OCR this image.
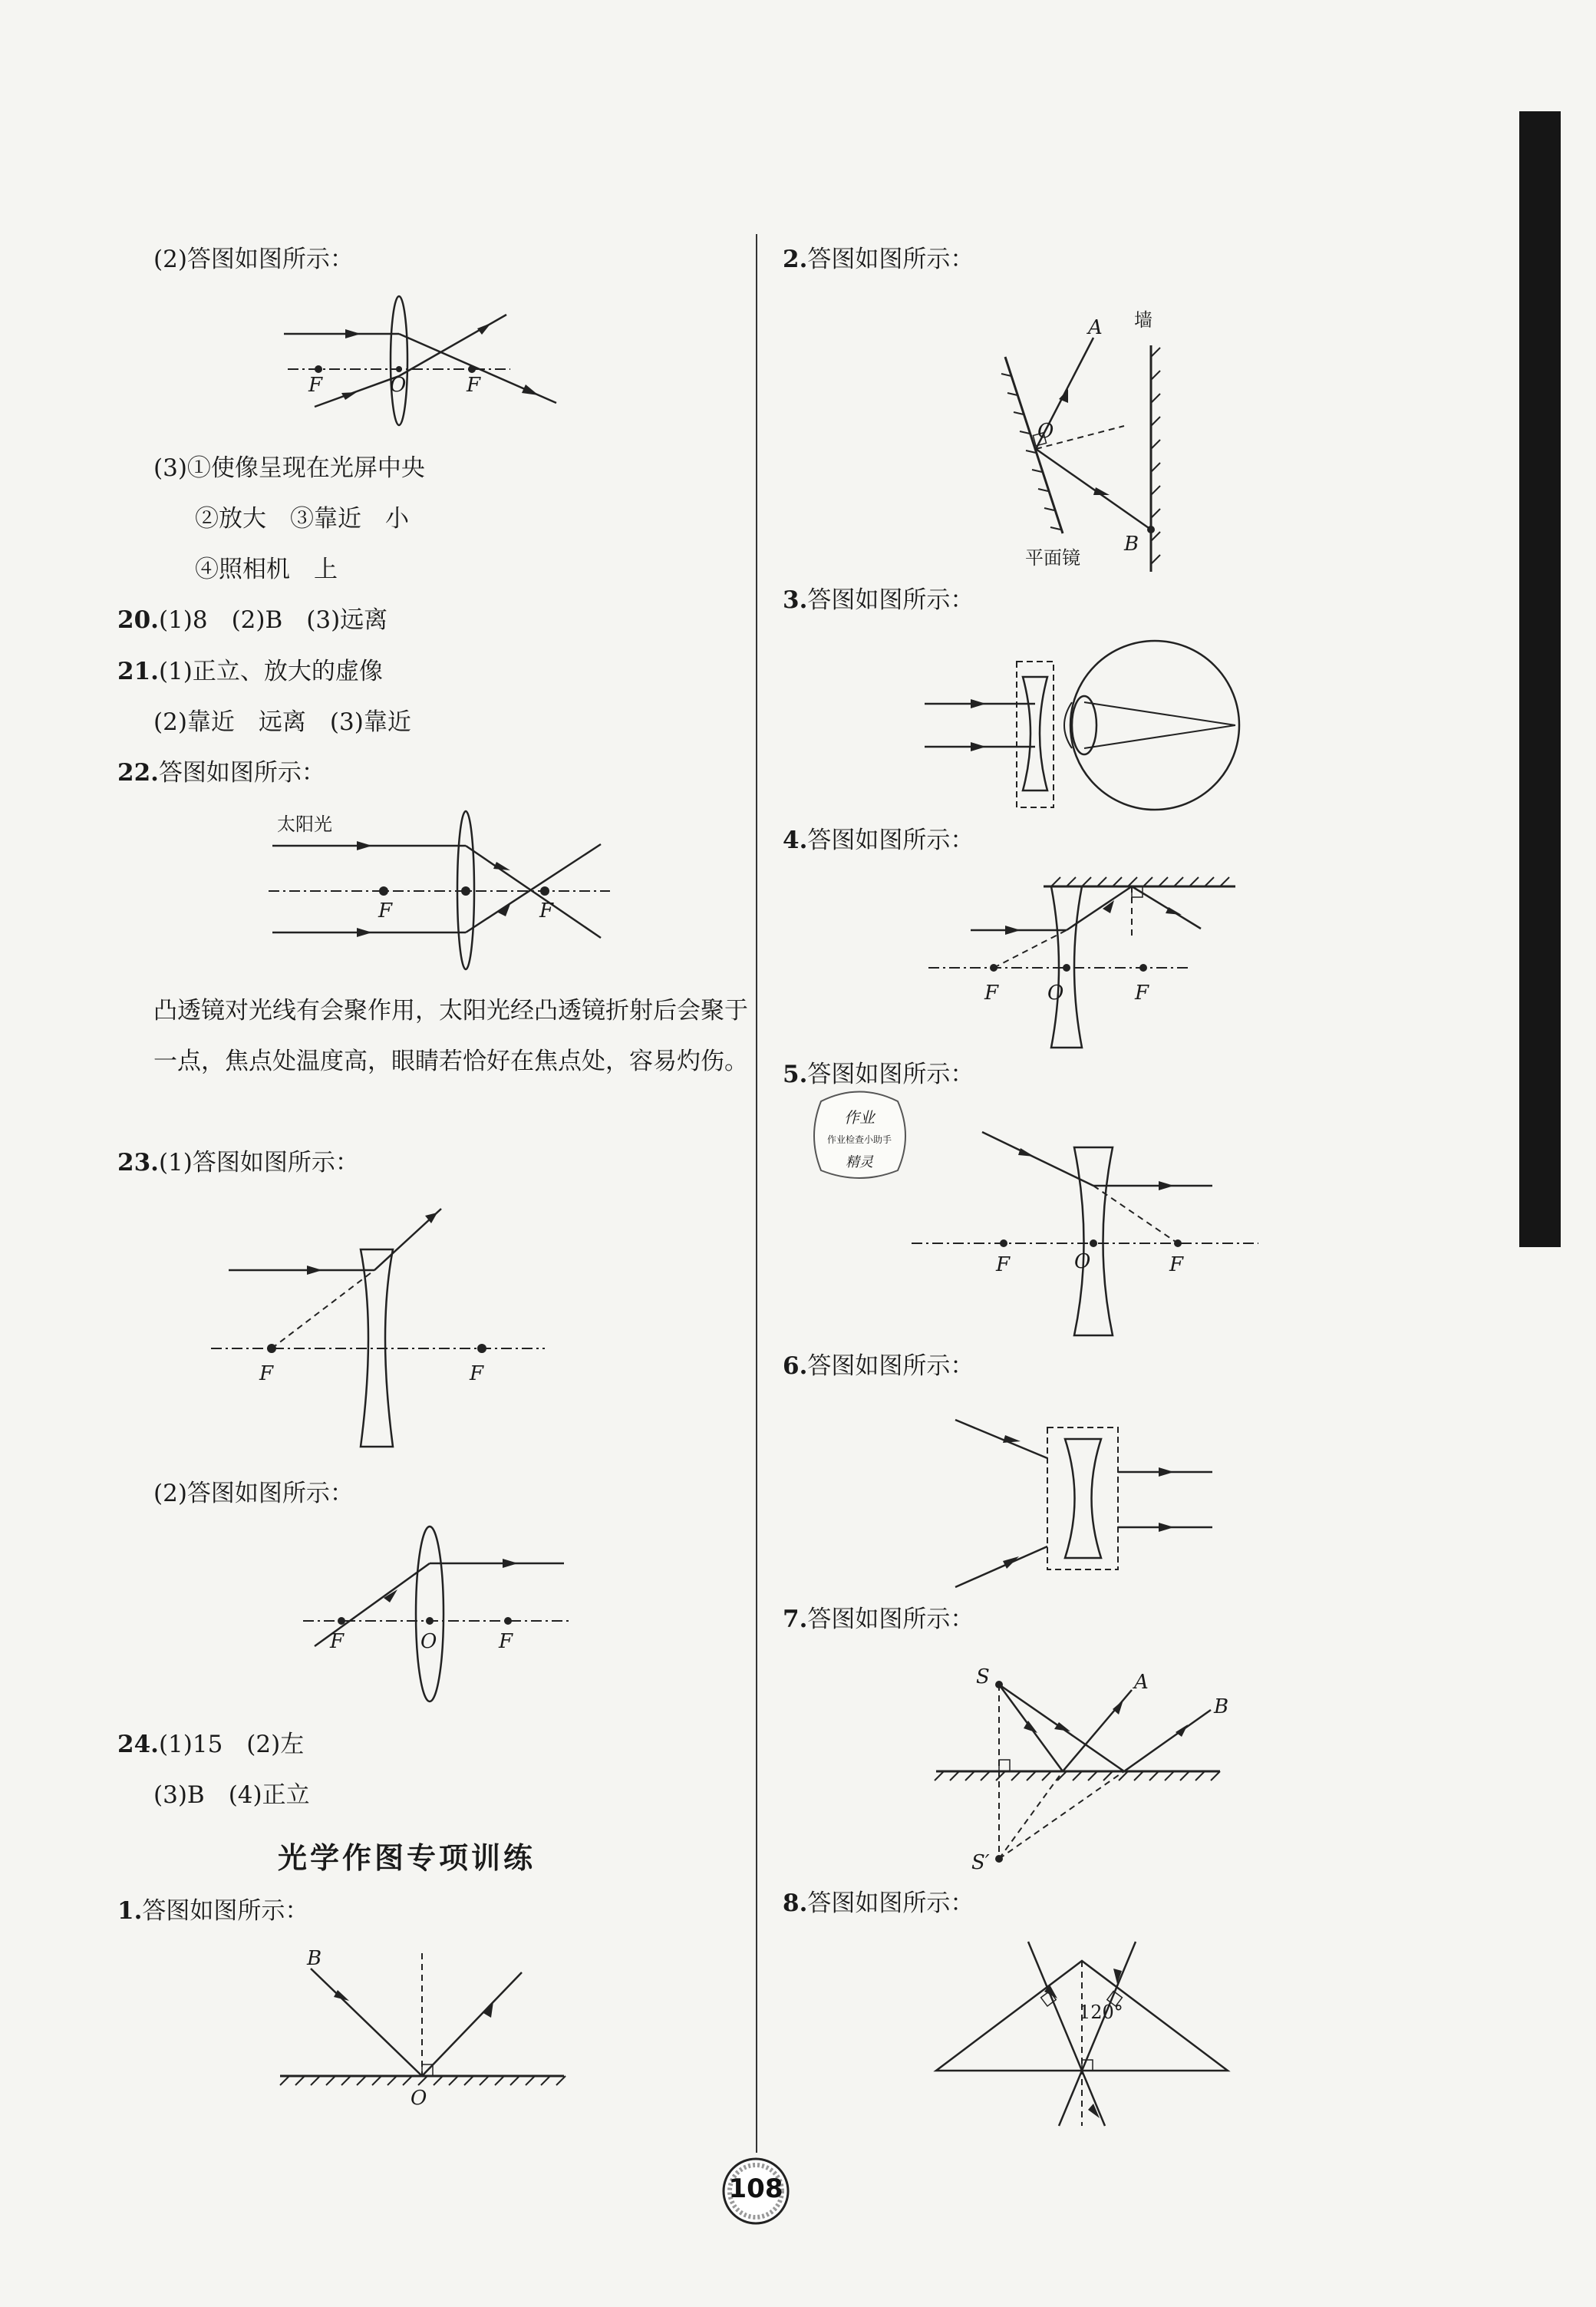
(2)答图如图所示：
F	O	F
(3)①使像呈现在光屏中央
②放大　③靠近　小
④照相机　上
20.(1)8　(2)B　(3)远离
21.(1)正立、放大的虚像
(2)靠近　远离　(3)靠近
22.答图如图所示：
太阳光
F	F
凸透镜对光线有会聚作用，太阳光经凸透镜折射后会聚于一点，焦点处温度高，眼睛若恰好在焦点处，容易灼伤。
23.(1)答图如图所示：
F	F
(2)答图如图所示：
F	O	F
24.(1)15　(2)左
(3)B　(4)正立
光学作图专项训练
1.答图如图所示：
B
O
2.答图如图所示：
A
O
B
墙
平面镜
3.答图如图所示：
4.答图如图所示：
F O	F
5.答图如图所示：
作业
作业检查小助手
精灵
F	O	F
6.答图如图所示：
7.答图如图所示：
S	A
B
S′
8.答图如图所示：
120°
108
